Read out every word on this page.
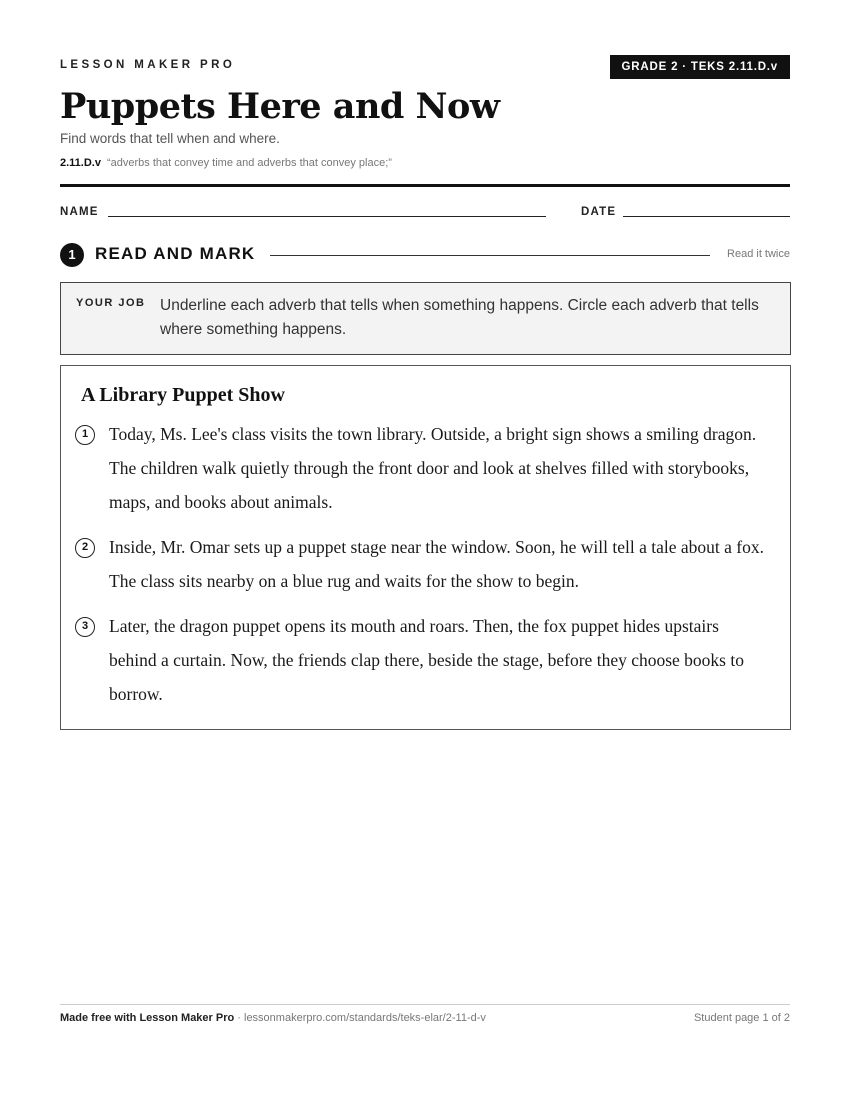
LESSON MAKER PRO	GRADE 2 · TEKS 2.11.D.v
Puppets Here and Now
Find words that tell when and where.
2.11.D.v “adverbs that convey time and adverbs that convey place;”
NAME	DATE
1	READ AND MARK	Read it twice
YOUR JOB Underline each adverb that tells when something happens. Circle each adverb that tells where something happens.
A Library Puppet Show
1	Today, Ms. Lee's class visits the town library. Outside, a bright sign shows a smiling dragon. The children walk quietly through the front door and look at shelves filled with storybooks, maps, and books about animals.
2	Inside, Mr. Omar sets up a puppet stage near the window. Soon, he will tell a tale about a fox. The class sits nearby on a blue rug and waits for the show to begin.
3	Later, the dragon puppet opens its mouth and roars. Then, the fox puppet hides upstairs behind a curtain. Now, the friends clap there, beside the stage, before they choose books to borrow.
Made free with Lesson Maker Pro · lessonmakerpro.com/standards/teks-elar/2-11-d-v	Student page 1 of 2
